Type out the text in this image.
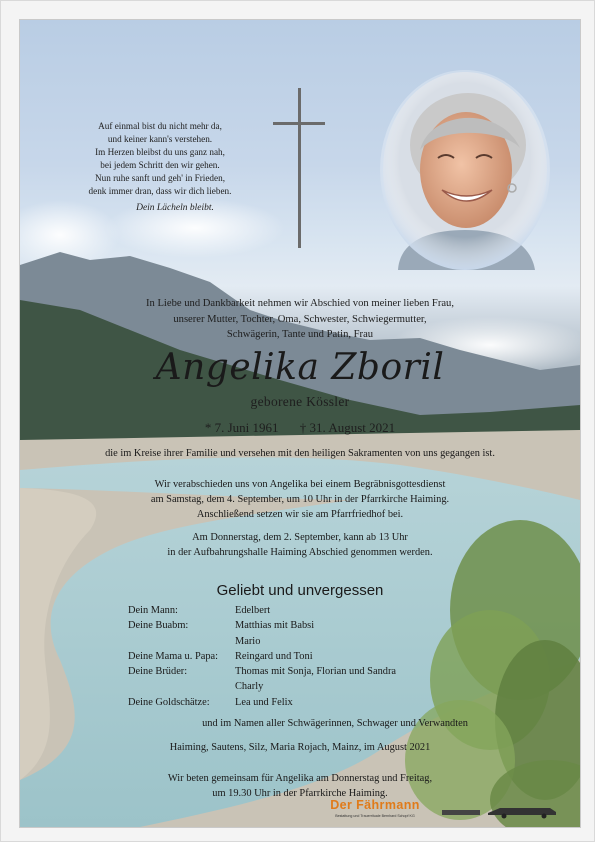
Auf einmal bist du nicht mehr da,
und keiner kann's verstehen.
Im Herzen bleibst du uns ganz nah,
bei jedem Schritt den wir gehen.
Nun ruhe sanft und geh' in Frieden,
denk immer dran, dass wir dich lieben.
Dein Lächeln bleibt.
In Liebe und Dankbarkeit nehmen wir Abschied von meiner lieben Frau,
unserer Mutter, Tochter, Oma, Schwester, Schwiegermutter,
Schwägerin, Tante und Patin, Frau
Angelika Zboril
geborene Kössler
* 7. Juni 1961 † 31. August 2021
die im Kreise ihrer Familie und versehen mit den heiligen Sakramenten von uns gegangen ist.
Wir verabschieden uns von Angelika bei einem Begräbnisgottesdienst
am Samstag, dem 4. September, um 10 Uhr in der Pfarrkirche Haiming.
Anschließend setzen wir sie am Pfarrfriedhof bei.
Am Donnerstag, dem 2. September, kann ab 13 Uhr
in der Aufbahrungshalle Haiming Abschied genommen werden.
Geliebt und unvergessen
Dein Mann:	Edelbert
Deine Buabm:	Matthias mit Babsi
Mario
Deine Mama u. Papa: Reingard und Toni
Deine Brüder:	Thomas mit Sonja, Florian und Sandra
Charly
Deine Goldschätze: Lea und Felix
und im Namen aller Schwägerinnen, Schwager und Verwandten
Haiming, Sautens, Silz, Maria Rojach, Mainz, im August 2021
Wir beten gemeinsam für Angelika am Donnerstag und Freitag,
um 19.30 Uhr in der Pfarrkirche Haiming.
Der Fährmann
Bestattung und Trauerrituale Bernhard Schopf KG
